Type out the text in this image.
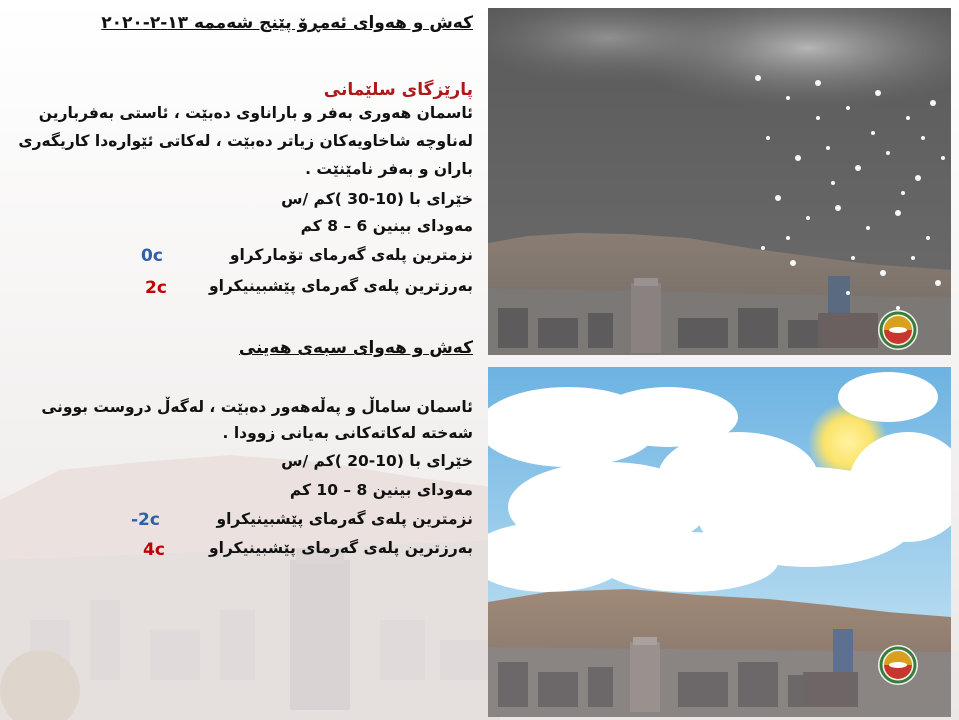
کەش و هەوای ئەمڕۆ پێنج شەممە ١٣-٢-٢٠٢٠
پارێزگای سلێمانی
ئاسمان هەوری بەفر و باراناوی دەبێت ، ئاستی بەفربارین
لەناوچە شاخاویەکان زیاتر دەبێت ، لەکاتی ئێوارەدا کاریگەری
باران و بەفر نامێنێت .
خێرای با (10-30 )کم /س
مەودای بینین 6 – 8 کم
نزمترین پلەی گەرمای تۆمارکراو
0c
بەرزترین پلەی گەرمای پێشبینیکراو
2c
کەش و هەوای سبەی هەینی
ئاسمان ساماڵ و پەڵەهەور دەبێت ، لەگەڵ دروست بوونی
شەختە لەکاتەکانی بەیانی زوودا .
خێرای با (10-20 )کم /س
مەودای بینین 8 – 10 کم
نزمترین پلەی گەرمای پێشبینیکراو
-2c
بەرزترین پلەی گەرمای پێشبینیکراو
4c
